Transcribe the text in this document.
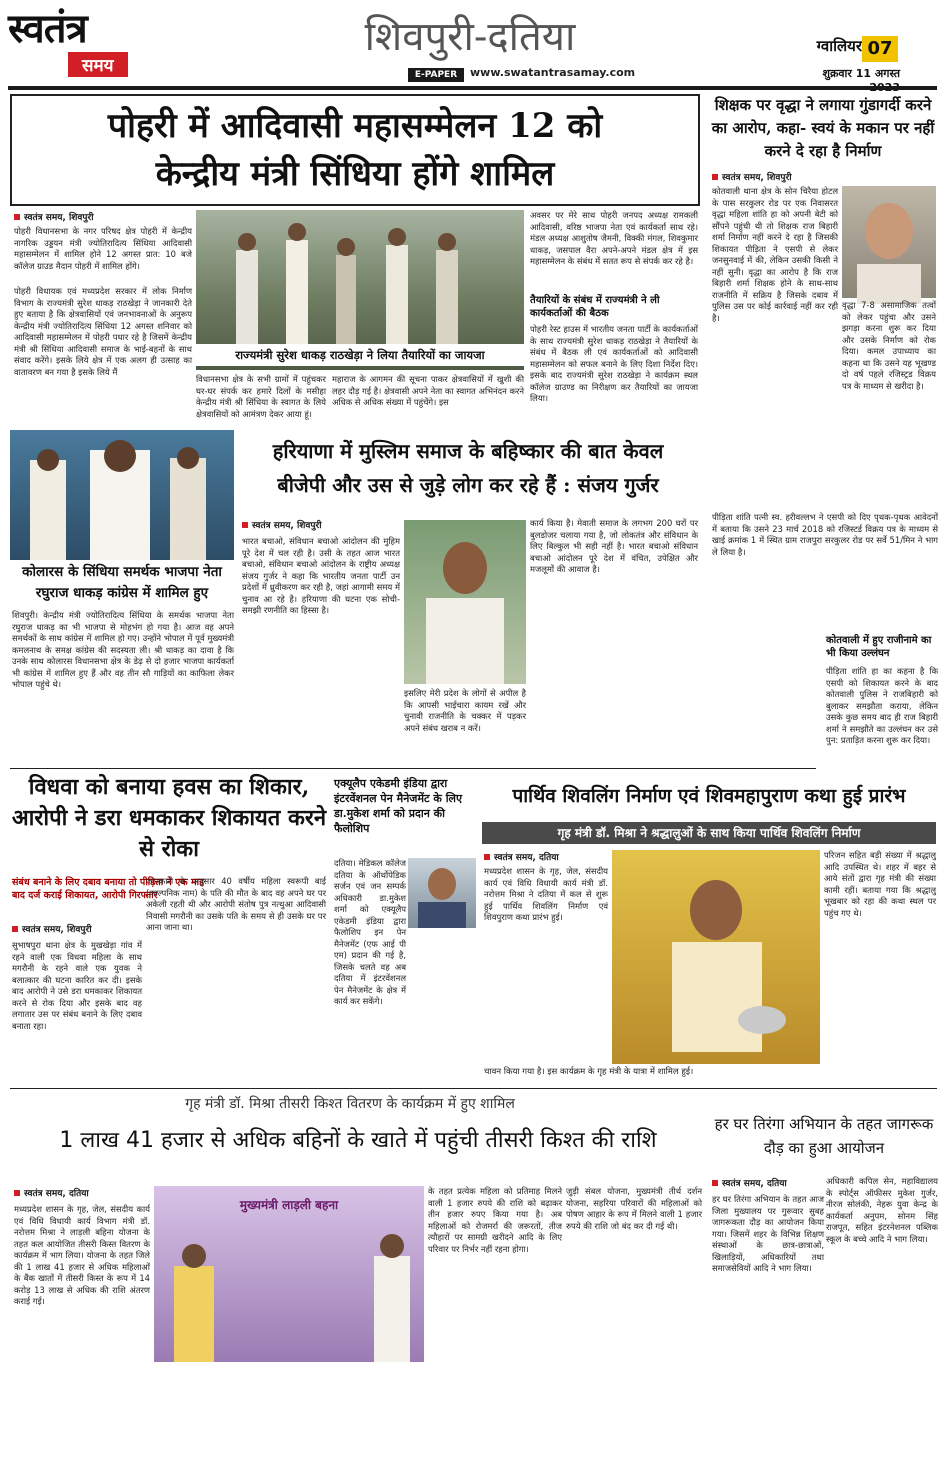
स्वतंत्र
समय
शिवपुरी-दतिया
E-PAPER	www.swatantrasamay.com
ग्वालियर 07
शुक्रवार 11 अगस्त
पोहरी में आदिवासी महासम्मेलन 12 को
केन्द्रीय मंत्री सिंधिया होंगे शामिल
स्वतंत्र समय, शिवपुरी
पोहरी विधानसभा के नगर परिषद क्षेत्र पोहरी में केन्द्रीय नागरिक उड्डयन मंत्री ज्योतिरादित्य सिंधिया आदिवासी महासम्मेलन में शामिल होने 12 अगस्त प्रात: 10 बजे कॉलेज ग्राउड मैदान पोहरी में शामिल होंगे।
पोहरी विधायक एवं मध्यप्रदेश सरकार में लोक निर्माण विभाग के राज्यमंत्री सुरेश धाकड़ राठखेड़ा ने जानकारी देते हुए बताया है कि क्षेत्रवासियों एवं जनभावनाओं के अनुरूप केन्द्रीय मंत्री ज्योतिरादित्य सिंधिया 12 अगस्त शनिवार को आदिवासी महासम्मेलन में पोहरी पधार रहे है जिसमें केन्द्रीय मंत्री श्री सिंधिया आदिवासी समाज के भाई-बहनों के साथ संवाद करेंगे। इसके लिये क्षेत्र में एक अलग ही उत्साह का वातावरण बन गया है इसके लिये मैं
राज्यमंत्री सुरेश धाकड़ राठखेड़ा ने लिया तैयारियों का जायजा
विधानसभा क्षेत्र के सभी ग्रामों में पहुंचकर घर-घर संपर्क कर हमारे दिलों के मसीहा केन्द्रीय मंत्री श्री सिंधिया के स्वागत के लिये क्षेत्रवासियों को आमंत्रण देकर आया हूं।
महाराज के आगमन की सूचना पाकर क्षेत्रवासियों में खुशी की लहर दौड़ गई है। क्षेत्रवासी अपने नेता का स्वागत अभिनंदन करने अधिक से अधिक संख्या में पहुंचेंगे। इस
अवसर पर मेरे साथ पोहरी जनपद अध्यक्ष रामकली आदिवासी, वरिष्ठ भाजपा नेता एवं कार्यकर्ता साथ रहे। मंडल अध्यक्ष आशुतोष जैमनी, विक्की मंगल, शिवकुमार धाकड़, जसपाल वैरा अपने-अपने मंडल क्षेत्र में इस महासम्मेलन के संबंध में सतत रूप से संपर्क कर रहे है।
तैयारियों के संबंध में राज्यमंत्री ने ली कार्यकर्ताओं की बैठक
पोहरी रेस्ट हाउस में भारतीय जनता पार्टी के कार्यकर्ताओं के साथ राज्यमंत्री सुरेश धाकड़ राठखेड़ा ने तैयारियों के संबंध में बैठक ली एवं कार्यकर्ताओं को आदिवासी महासम्मेलन को सफल बनाने के लिए दिशा निर्देश दिए। इसके बाद राज्यमंत्री सुरेश राठखेड़ा ने कार्यक्रम स्थल कॉलेज ग्राउण्ड का निरीक्षण कर तैयारियों का जायजा लिया।
शिक्षक पर वृद्धा ने लगाया गुंडागर्दी करने का आरोप, कहा- स्वयं के मकान पर नहीं करने दे रहा है निर्माण
स्वतंत्र समय, शिवपुरी
कोतवाली थाना क्षेत्र के सोन चिरैया होटल के पास सरकुलर रोड पर एक निवासरत वृद्धा महिला शांति हा को अपनी बेटी को सौंपने पहुंची थी तो शिक्षक राज बिहारी शर्मा निर्माण नहीं करने दे रहा है जिसकी शिकायत पीड़िता ने एसपी से लेकर जनसुनवाई में की, लेकिन उसकी किसी ने नहीं सुनी। वृद्धा का आरोप है कि राज बिहारी शर्मा शिक्षक होने के साथ-साथ राजनीति में सक्रिय है जिसके दबाव में पुलिस उस पर कोई कार्रवाई नहीं कर रही है।
वृद्धा 7-8 असामाजिक तत्वों को लेकर पहुंचा और उसने झगड़ा करना शुरू कर दिया और उसके निर्माण को रोक दिया। कमल उपाध्याय का कहना था कि उसने यह भूखण्ड दो वर्ष पहले रजिस्ट्रड विक्रय पत्र के माध्यम से खरीदा है।
पीड़िता शांति पत्नी स्व. हरीवल्लभ ने एसपी को दिए पृथक-पृथक आवेदनों में बताया कि उसने 23 मार्च 2018 को रजिस्टर्ड विक्रय पत्र के माध्यम से खाई क्रमांक 1 में स्थित ग्राम राजपुरा सरकुलर रोड पर सर्वे 51/मिन ने भाग ले लिया है।
कोतवाली में हुए राजीनामे का भी किया उल्लंघन
पीड़िता शांति हा का कहना है कि एसपी को शिकायत करने के बाद कोतवाली पुलिस ने राजबिहारी को बुलाकर समझौता कराया, लेकिन उसके कुछ समय बाद ही राज बिहारी शर्मा ने समझौते का उल्लंघन कर उसे पुन: प्रताड़ित करना शुरू कर दिया।
कोलारस के सिंधिया समर्थक भाजपा नेता रघुराज धाकड़ कांग्रेस में शामिल हुए
शिवपुरी। केन्द्रीय मंत्री ज्योतिरादित्य सिंधिया के समर्थक भाजपा नेता रघुराज धाकड़ का भी भाजपा से मोहभंग हो गया है। आज वह अपने समर्थकों के साथ कांग्रेस में शामिल हो गए। उन्होंने भोपाल में पूर्व मुख्यमंत्री कमलनाथ के समक्ष कांग्रेस की सदस्यता ली। श्री धाकड़ का दावा है कि उनके साथ कोलारस विधानसभा क्षेत्र के डेढ़ से दो हजार भाजपा कार्यकर्ता भी कांग्रेस में शामिल हुए हैं और वह तीन सौ गाड़ियों का काफिला लेकर भोपाल पहुंचे थे।
हरियाणा में मुस्लिम समाज के बहिष्कार की बात केवल
बीजेपी और उस से जुड़े लोग कर रहे हैं : संजय गुर्जर
स्वतंत्र समय, शिवपुरी
भारत बचाओ, संविधान बचाओ आंदोलन की मुहिम पूरे देश में चल रही है। उसी के तहत आज भारत बचाओ, संविधान बचाओ आंदोलन के राष्ट्रीय अध्यक्ष संजय गुर्जर ने कहा कि भारतीय जनता पार्टी उन प्रदेशों में ध्रुवीकरण कर रही है, जहां आगामी समय में चुनाव आ रहे है। हरियाणा की घटना एक सोची-समझी रणनीति का हिस्सा है।
इसलिए मेरी प्रदेश के लोगों से अपील है कि आपसी भाईचारा कायम रखें और चुनावी राजनीति के चक्कर में पड़कर अपने संबंध खराब न करें।
कार्य किया है। मेवाती समाज के लगभग 200 घरों पर बुलडोजर चलाया गया है, जो लोकतंत्र और संविधान के लिए बिल्कुल भी सही नहीं है। भारत बचाओ संविधान बचाओ आंदोलन पूरे देश में वंचित, उपेक्षित और मजलूमों की आवाज है।
विधवा को बनाया हवस का शिकार, आरोपी ने डरा धमकाकर शिकायत करने से रोका
संबंध बनाने के लिए दबाव बनाया तो पीड़िता ने एक माह बाद दर्ज कराई शिकायत, आरोपी गिरफ्तार
स्वतंत्र समय, शिवपुरी
सुभाषपुरा थाना क्षेत्र के मुखखेड़ा गांव में रहने वाली एक विधवा महिला के साथ मगरौनी के रहने वाले एक युवक ने बलात्कार की घटना कारित कर दी। इसके बाद आरोपी ने उसे डरा धमकाकर शिकायत करने से रोक दिया और इसके बाद वह लगातार उस पर संबंध बनाने के लिए दबाव बनाता रहा।
जानकारी के अनुसार 40 वर्षीय महिला स्वरूपी बाई (काल्पनिक नाम) के पति की मौत के बाद वह अपने घर पर अकेली रहती थी और आरोपी संतोष पुत्र नत्थुआ आदिवासी निवासी मगरौनी का उसके पति के समय से ही उसके घर पर आना जाना था।
एक्यूलैप एकेडमी इंडिया द्वारा इंटरवेंशनल पेन मैनेजमेंट के लिए डा.मुकेश शर्मा को प्रदान की फैलोशिप
दतिया। मेडिकल कॉलेज दतिया के ऑर्थोपेडिक सर्जन एवं जन सम्पर्क अधिकारी डा.मुकेश शर्मा को एक्यूलैप एकेडमी इंडिया द्वारा फैलोशिप इन पेन मैनेजमेंट (एफ आई पी एम) प्रदान की गई है, जिसके चलते वह अब दतिया में इंटरवेंशनल पेन मैनेजमेंट के क्षेत्र में कार्य कर सकेंगे।
पार्थिव शिवलिंग निर्माण एवं शिवमहापुराण कथा हुई प्रारंभ
गृह मंत्री डॉ. मिश्रा ने श्रद्धालुओं के साथ किया पार्थिव शिवलिंग निर्माण
स्वतंत्र समय, दतिया
मध्यप्रदेश शासन के गृह, जेल, संसदीय कार्य एवं विधि विधायी कार्य मंत्री डॉ. नरोत्तम मिश्रा ने दतिया में कल से शुरू हुई पार्थिव शिवलिंग निर्माण एवं शिवपुराण कथा प्रारंभ हुई।
चावन किया गया है। इस कार्यक्रम के गृह मंत्री के यात्रा में शामिल हुई।
परिजन सहित बड़ी संख्या में श्रद्धालु आदि उपस्थित थे। शहर में बहर से आये संतों द्वारा गृह मंत्री की संख्या कामी रहीं। बताया गया कि श्रद्धालु भूखबार को रहा की कथा स्थल पर पहुंच गए थे।
गृह मंत्री डॉ. मिश्रा तीसरी किश्त वितरण के कार्यक्रम में हुए शामिल
1 लाख 41 हजार से अधिक बहिनों के खाते में पहुंची तीसरी किश्त की राशि
स्वतंत्र समय, दतिया
मध्यप्रदेश शासन के गृह, जेल, संसदीय कार्य एवं विधि विधायी कार्य विभाग मंत्री डॉ. नरोत्तम मिश्रा ने लाड़ली बहिना योजना के तहत कल आयोजित तीसरी किस्त वितरण के कार्यक्रम में भाग लिया। योजना के तहत जिले की 1 लाख 41 हजार से अधिक महिलाओं के बैंक खातों में तीसरी किस्त के रूप में 14 करोड़ 13 लाख से अधिक की राशि अंतरण कराई गई।
मुख्यमंत्री लाड़ली बहना
के तहत प्रत्येक महिला को प्रतिमाह मिलने वाली 1 हजार रुपये की राशि को बढ़ाकर तीन हजार रुपए किया गया है। अब महिलाओं को रोजमर्रा की जरूरतों, तीज त्यौहारों पर सामग्री खरीदने आदि के लिए परिवार पर निर्भर नहीं रहना होगा।
जुड़ी संबल योजना, मुख्यमंत्री तीर्थ दर्शन योजना, सहरिया परिवारों की महिलाओं को पोषण आहार के रूप में मिलने वाली 1 हजार रुपये की राशि जो बंद कर दी गई थी।
हर घर तिरंगा अभियान के तहत जागरूक दौड़ का हुआ आयोजन
स्वतंत्र समय, दतिया
हर घर तिरंगा अभियान के तहत आज जिला मुख्यालय पर गुरूवार सुबह जागरूकता दौड़ का आयोजन किया गया। जिसमें शहर के विभिन्न शिक्षण संस्थाओं के छात्र-छात्राओं, खिलाड़ियों, अधिकारियों तथा समाजसेवियों आदि ने भाग लिया।
अधिकारी कपिल सेन, महाविद्यालय के स्पोर्ट्स ऑफीसर मुकेश गुर्जर, नीरज सोलंकी, नेहरू युवा केन्द्र के कार्यकर्ता अनुपम, सोनम सिंह राजपूत, सहित इंटरनेशनल पब्लिक स्कूल के बच्चे आदि ने भाग लिया।
